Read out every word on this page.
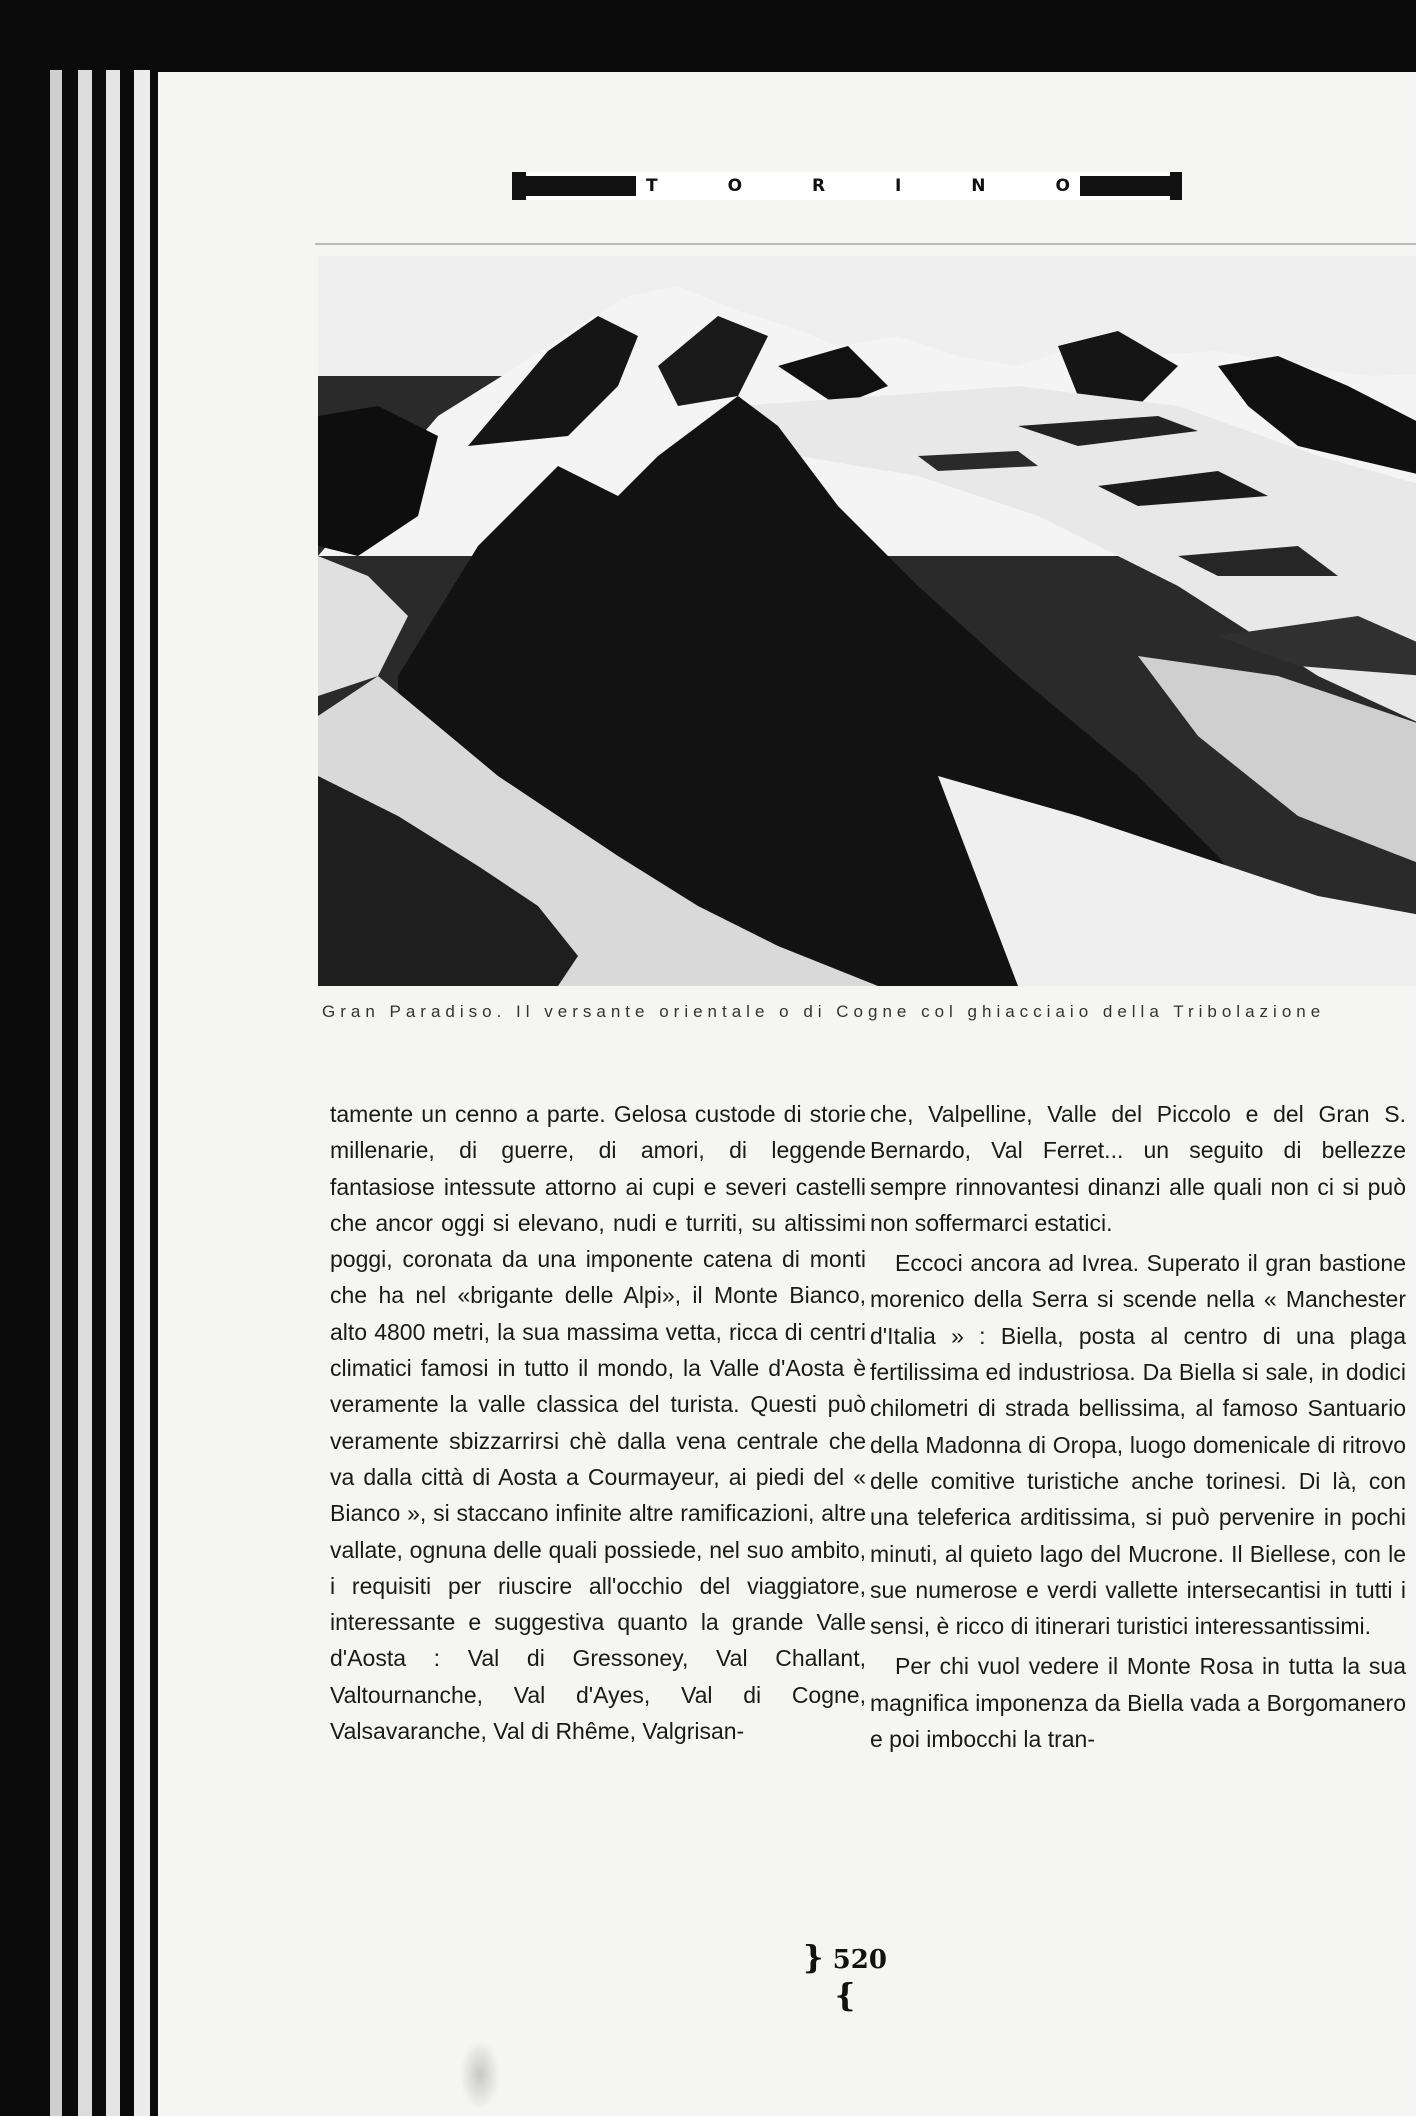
T	O	R	I	N	O
Gran Paradiso. Il versante orientale o di Cogne col ghiacciaio della Tribolazione

tamente un cenno a parte. Gelosa custode di storie millenarie, di guerre, di amori, di leggende fantasiose intessute attorno ai cupi e severi castelli che ancor oggi si elevano, nudi e turriti, su altissimi poggi, coronata da una imponente catena di monti che ha nel «brigante delle Alpi», il Monte Bianco, alto 4800 metri, la sua massima vetta, ricca di centri climatici famosi in tutto il mondo, la Valle d'Aosta è veramente la valle classica del turista. Questi può veramente sbizzarrirsi chè dalla vena centrale che va dalla città di Aosta a Courmayeur, ai piedi del « Bianco », si staccano infinite altre ramificazioni, altre vallate, ognuna delle quali possiede, nel suo ambito, i requisiti per riuscire all'occhio del viaggiatore, interessante e suggestiva quanto la grande Valle d'Aosta : Val di Gressoney, Val Challant, Valtournanche, Val d'Ayes, Val di Cogne, Valsavaranche, Val di Rhême, Valgrisan-

che, Valpelline, Valle del Piccolo e del Gran S. Bernardo, Val Ferret... un seguito di bellezze sempre rinnovantesi dinanzi alle quali non ci si può non soffermarci estatici.

Eccoci ancora ad Ivrea. Superato il gran bastione morenico della Serra si scende nella « Manchester d'Italia » : Biella, posta al centro di una plaga fertilissima ed industriosa. Da Biella si sale, in dodici chilometri di strada bellissima, al famoso Santuario della Madonna di Oropa, luogo domenicale di ritrovo delle comitive turistiche anche torinesi. Di là, con una teleferica arditissima, si può pervenire in pochi minuti, al quieto lago del Mucrone. Il Biellese, con le sue numerose e verdi vallette intersecantisi in tutti i sensi, è ricco di itinerari turistici interessantissimi.

Per chi vuol vedere il Monte Rosa in tutta la sua magnifica imponenza da Biella vada a Borgomanero e poi imbocchi la tran-

} 520 {
